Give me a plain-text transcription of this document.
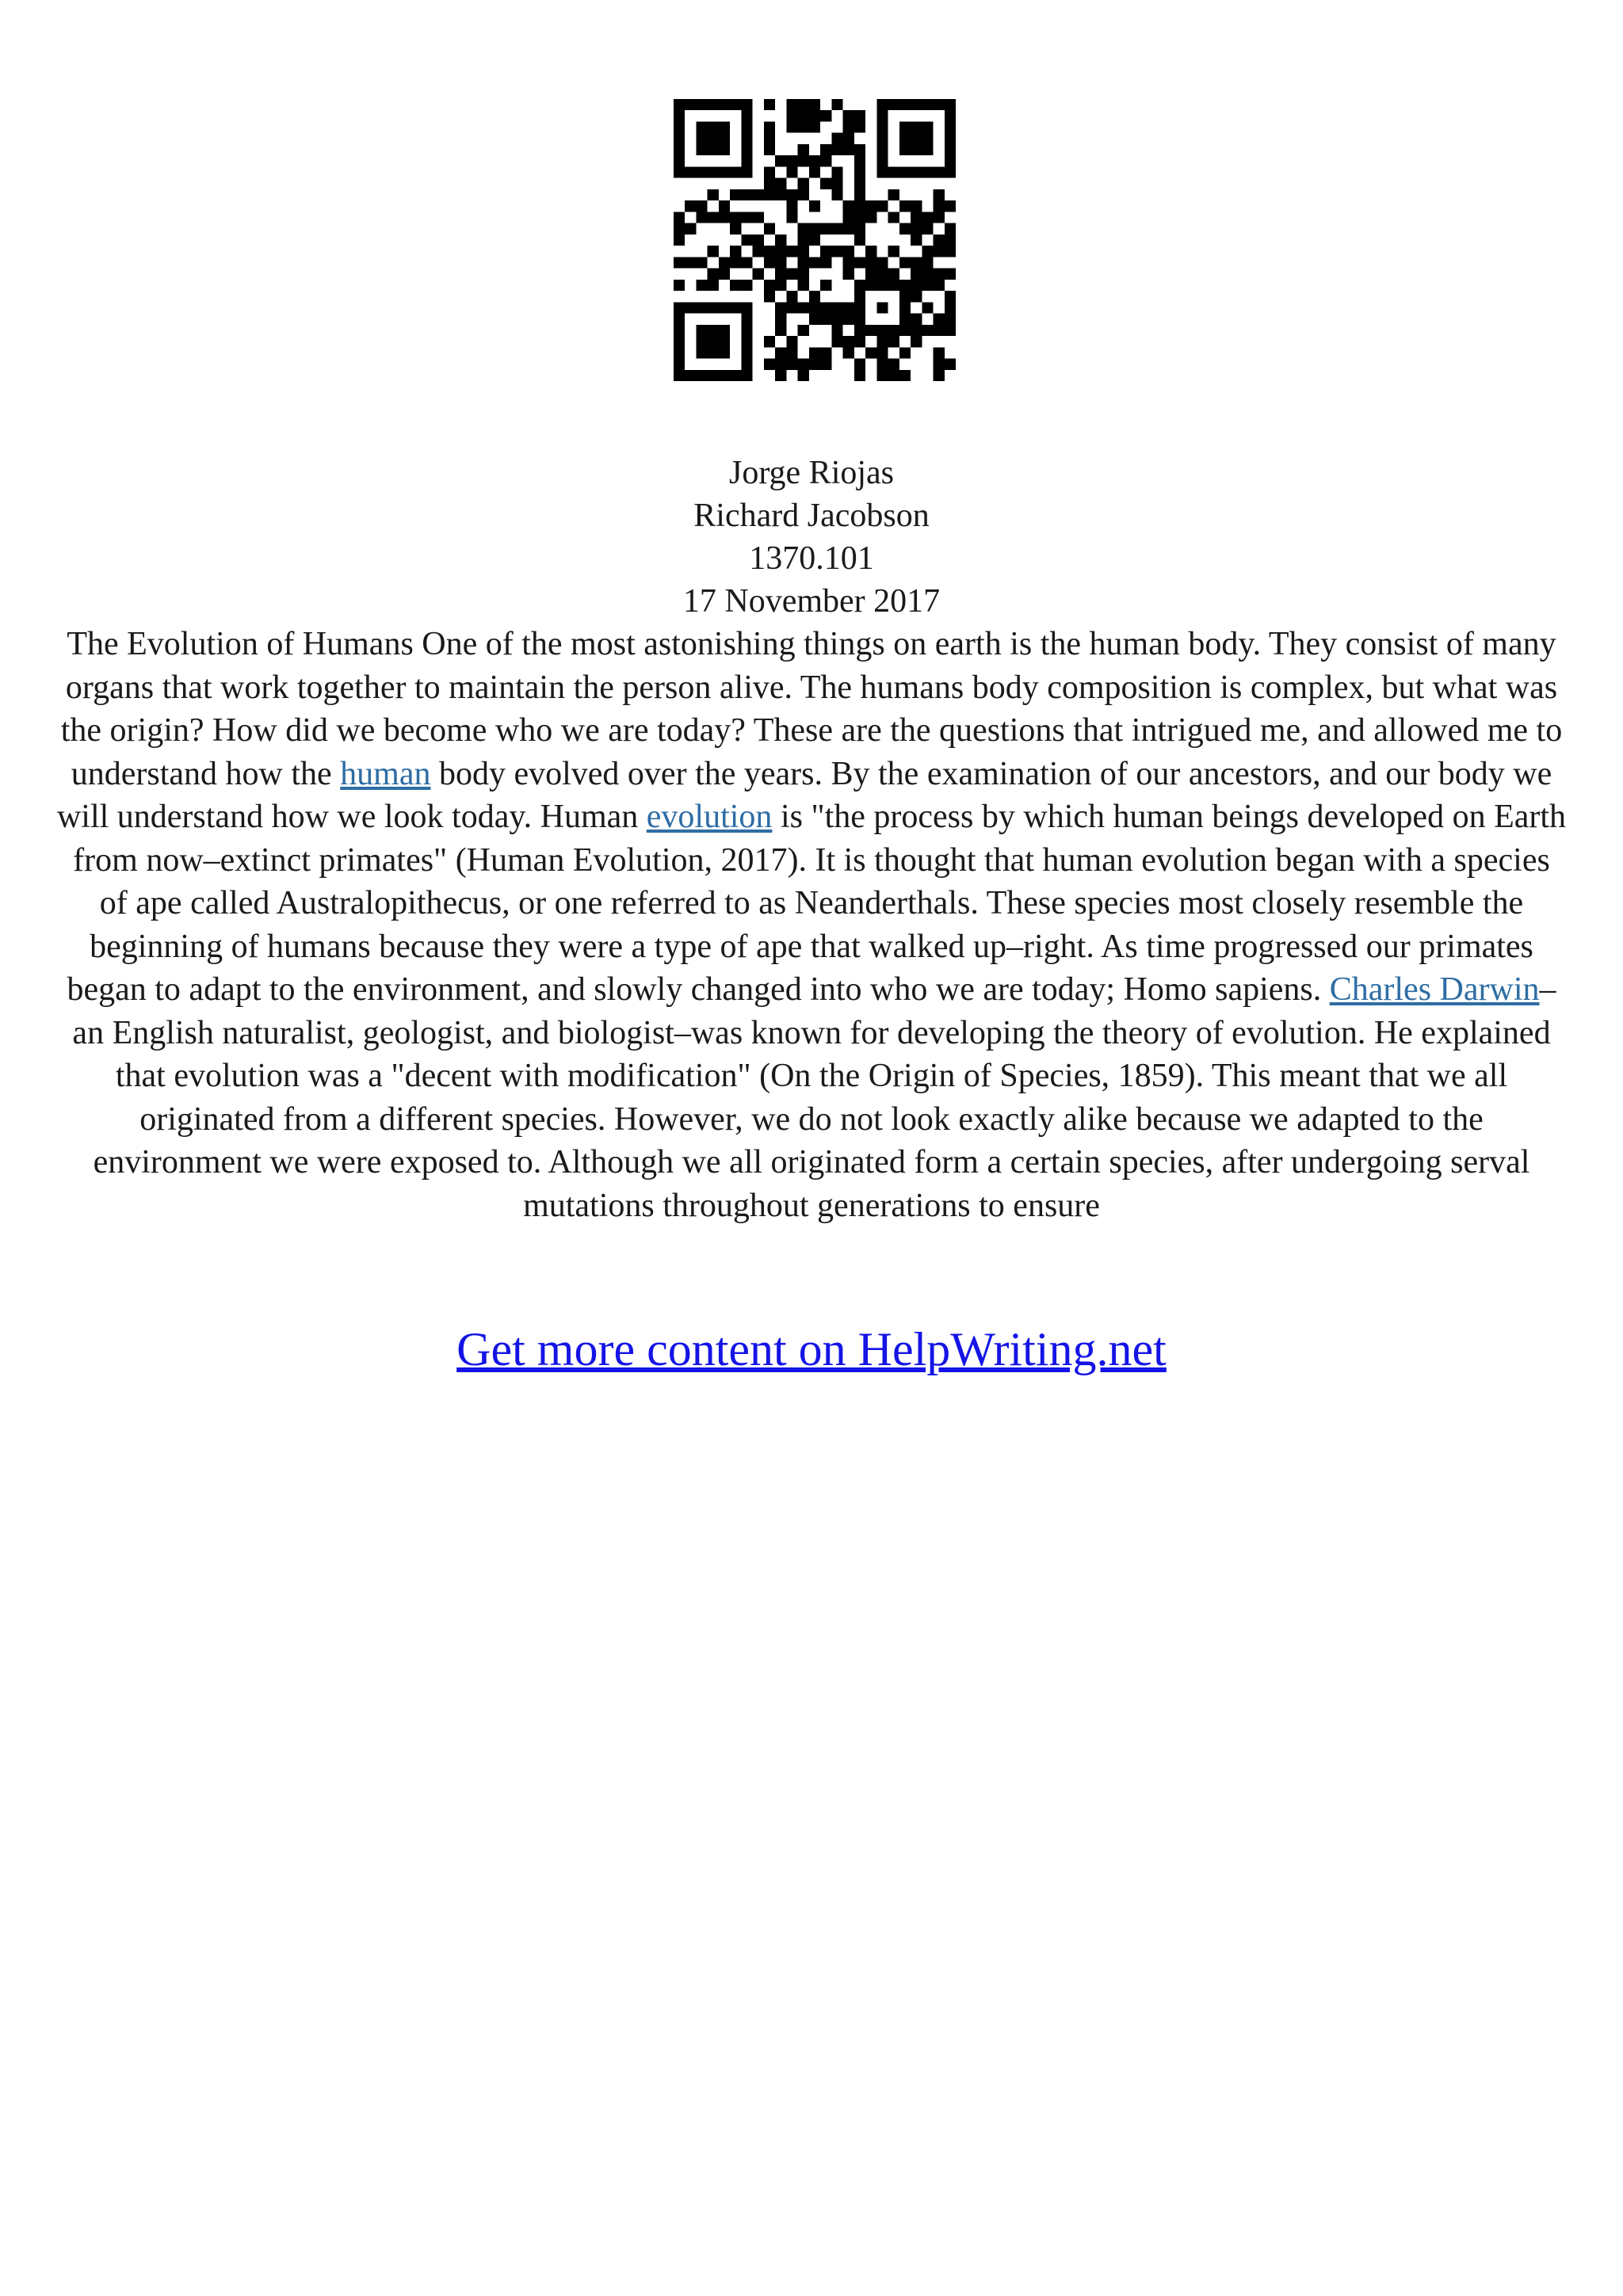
Jorge Riojas
Richard Jacobson
1370.101
17 November 2017

The Evolution of Humans One of the most astonishing things on earth is the human body. They consist of many organs that work together to maintain the person alive. The humans body composition is complex, but what was the origin? How did we become who we are today? These are the questions that intrigued me, and allowed me to understand how the human body evolved over the years. By the examination of our ancestors, and our body we will understand how we look today. Human evolution is "the process by which human beings developed on Earth from now–extinct primates" (Human Evolution, 2017). It is thought that human evolution began with a species of ape called Australopithecus, or one referred to as Neanderthals. These species most closely resemble the beginning of humans because they were a type of ape that walked up–right. As time progressed our primates began to adapt to the environment, and slowly changed into who we are today; Homo sapiens. Charles Darwin– an English naturalist, geologist, and biologist–was known for developing the theory of evolution. He explained that evolution was a "decent with modification" (On the Origin of Species, 1859). This meant that we all originated from a different species. However, we do not look exactly alike because we adapted to the environment we were exposed to. Although we all originated form a certain species, after undergoing serval mutations throughout generations to ensure

Get more content on HelpWriting.net
